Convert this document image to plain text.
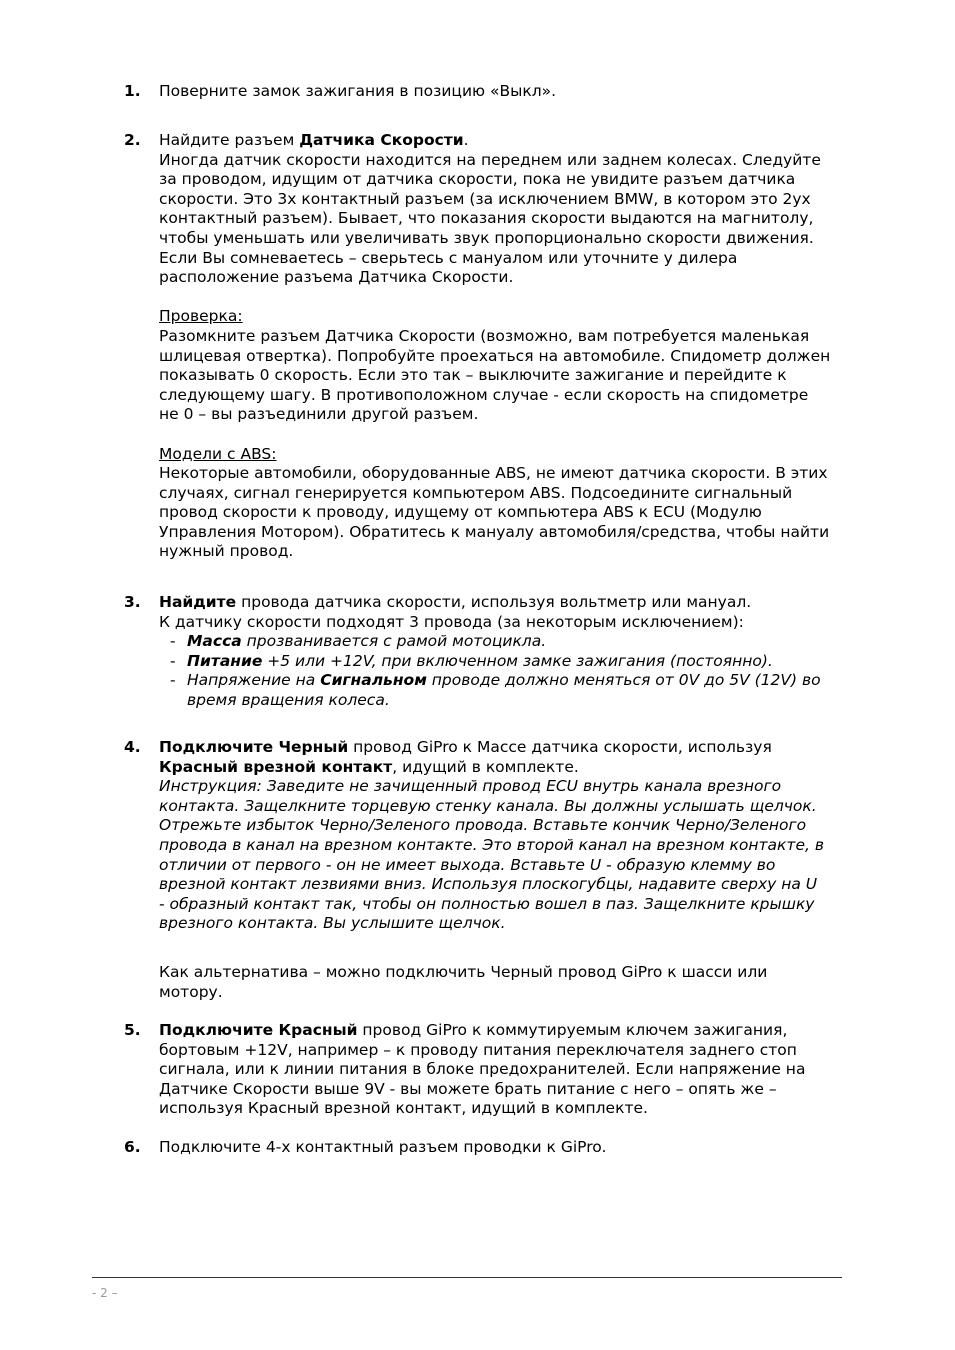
1. Поверните замок зажигания в позицию «Выкл».

2. Найдите разъем Датчика Скорости.

Иногда датчик скорости находится на переднем или заднем колесах. Следуйте

за проводом, идущим от датчика скорости, пока не увидите разъем датчика

скорости. Это 3х контактный разъем (за исключением BMW, в котором это 2ух

контактный разъем). Бывает, что показания скорости выдаются на магнитолу,

чтобы уменьшать или увеличивать звук пропорционально скорости движения.

Если Вы сомневаетесь – сверьтесь с мануалом или уточните у дилера

расположение разъема Датчика Скорости.

Проверка:

Разомкните разъем Датчика Скорости (возможно, вам потребуется маленькая

шлицевая отвертка). Попробуйте проехаться на автомобиле. Спидометр должен

показывать 0 скорость. Если это так – выключите зажигание и перейдите к

следующему шагу. В противоположном случае - если скорость на спидометре

не 0 – вы разъединили другой разъем.

Модели с ABS:

Некоторые автомобили, оборудованные ABS, не имеют датчика скорости. В этих

случаях, сигнал генерируется компьютером ABS. Подсоедините сигнальный

провод скорости к проводу, идущему от компьютера ABS к ECU (Модулю

Управления Мотором). Обратитесь к мануалу автомобиля/средства, чтобы найти

нужный провод.

3. Найдите провода датчика скорости, используя вольтметр или мануал.

К датчику скорости подходят 3 провода (за некоторым исключением):

- Масса прозванивается с рамой мотоцикла.

- Питание +5 или +12V, при включенном замке зажигания (постоянно).

- Напряжение на Сигнальном проводе должно меняться от 0V до 5V (12V) во

время вращения колеса.

4. Подключите Черный провод GiPro к Массе датчика скорости, используя

Красный врезной контакт, идущий в комплекте.

Инструкция: Заведите не зачищенный провод ECU внутрь канала врезного

контакта. Защелкните торцевую стенку канала. Вы должны услышать щелчок.

Отрежьте избыток Черно/Зеленого провода. Вставьте кончик Черно/Зеленого

провода в канал на врезном контакте. Это второй канал на врезном контакте, в

отличии от первого - он не имеет выхода. Вставьте U - образую клемму во

врезной контакт лезвиями вниз. Используя плоскогубцы, надавите сверху на U

- образный контакт так, чтобы он полностью вошел в паз. Защелкните крышку

врезного контакта. Вы услышите щелчок.

Как альтернатива – можно подключить Черный провод GiPro к шасси или

мотору.

5. Подключите Красный провод GiPro к коммутируемым ключем зажигания,

бортовым +12V, например – к проводу питания переключателя заднего стоп

сигнала, или к линии питания в блоке предохранителей. Если напряжение на

Датчике Скорости выше 9V - вы можете брать питание с него – опять же –

используя Красный врезной контакт, идущий в комплекте.

6. Подключите 4-х контактный разъем проводки к GiPro.

- 2 –
